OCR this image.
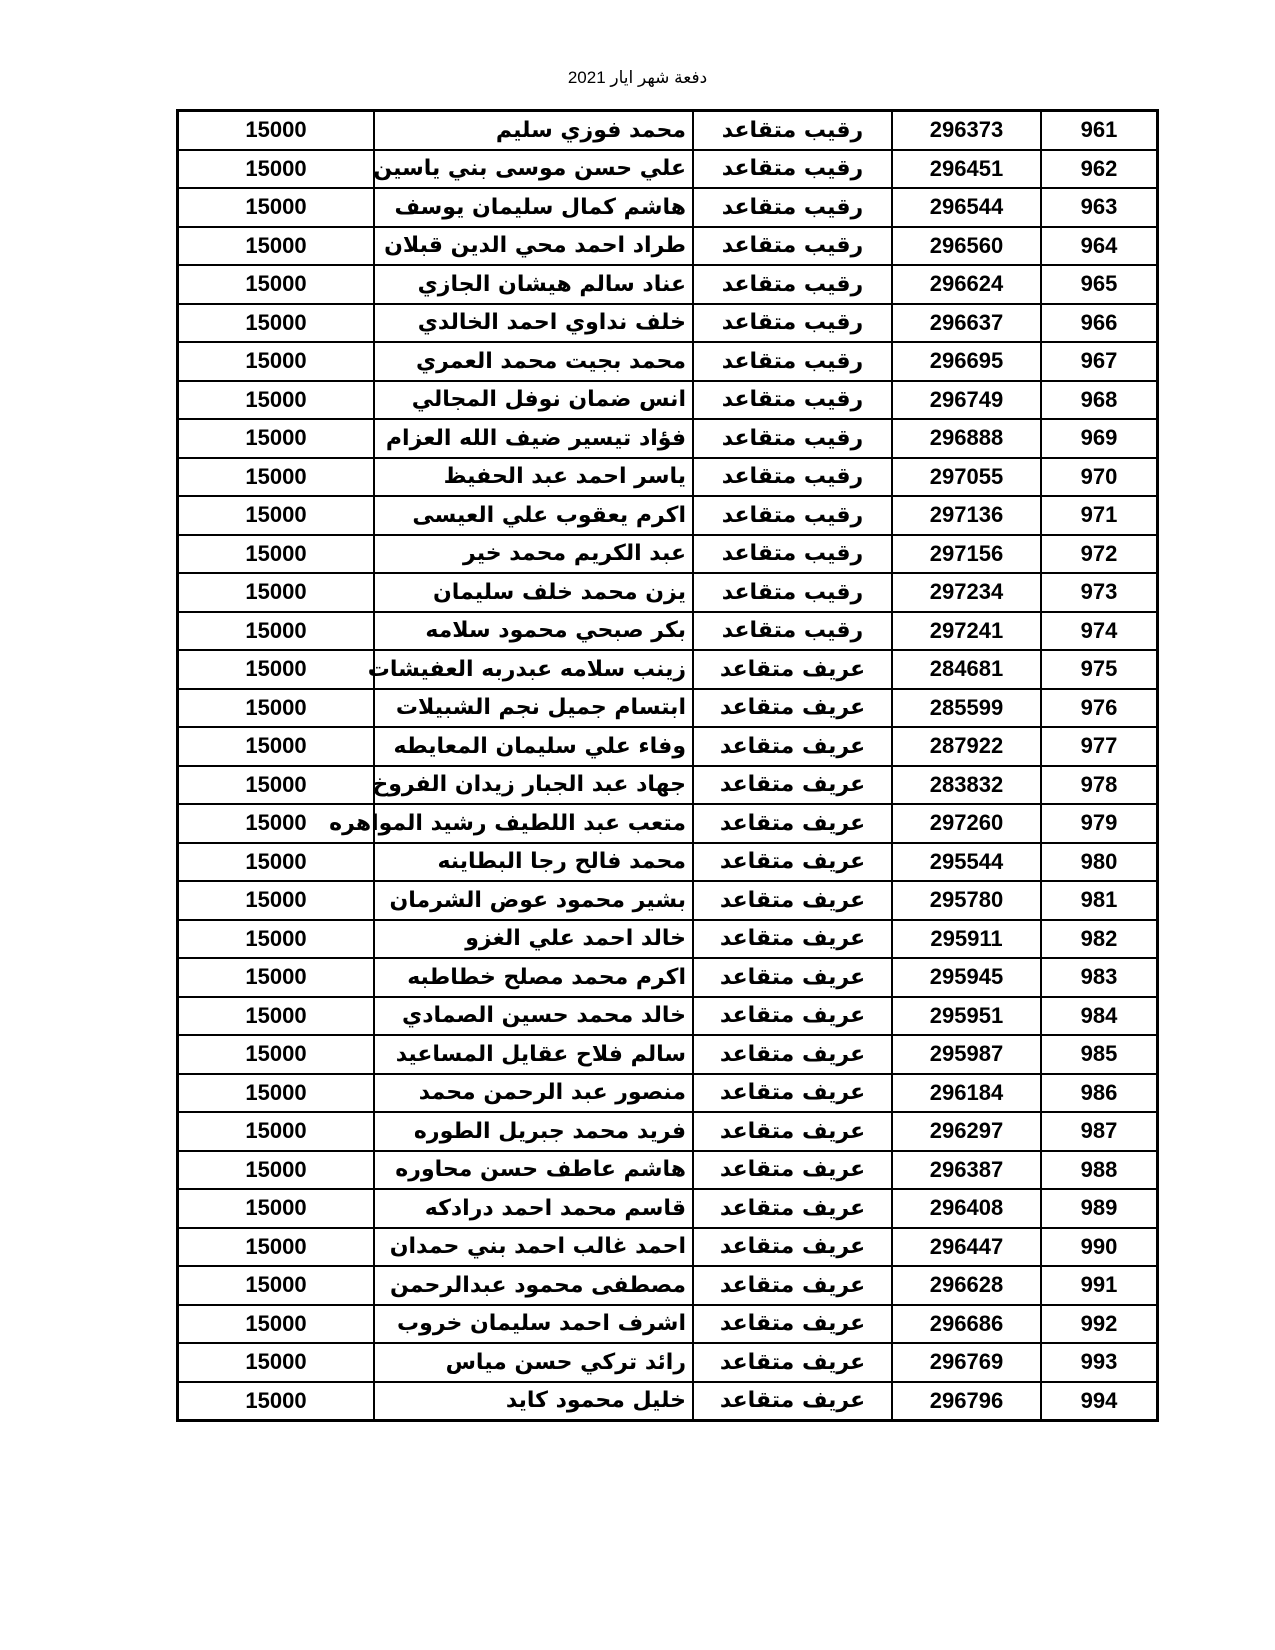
دفعة شهر ايار 2021
961	296373	رقيب متقاعد	محمد فوزي سليم	15000
962	296451	رقيب متقاعد	علي حسن موسى بني ياسين	15000
963	296544	رقيب متقاعد	هاشم كمال سليمان يوسف	15000
964	296560	رقيب متقاعد	طراد احمد محي الدين قبلان	15000
965	296624	رقيب متقاعد	عناد سالم هيشان الجازي	15000
966	296637	رقيب متقاعد	خلف نداوي احمد الخالدي	15000
967	296695	رقيب متقاعد	محمد بجيت محمد العمري	15000
968	296749	رقيب متقاعد	انس ضمان نوفل المجالي	15000
969	296888	رقيب متقاعد	فؤاد تيسير ضيف الله العزام	15000
970	297055	رقيب متقاعد	ياسر احمد عبد الحفيظ	15000
971	297136	رقيب متقاعد	اكرم يعقوب علي العيسى	15000
972	297156	رقيب متقاعد	عبد الكريم محمد خير	15000
973	297234	رقيب متقاعد	يزن محمد خلف سليمان	15000
974	297241	رقيب متقاعد	بكر صبحي محمود سلامه	15000
975	284681	عريف متقاعد	زينب سلامه عبدربه العفيشات	15000
976	285599	عريف متقاعد	ابتسام جميل نجم الشبيلات	15000
977	287922	عريف متقاعد	وفاء علي سليمان المعايطه	15000
978	283832	عريف متقاعد	جهاد عبد الجبار زيدان الفروخ	15000
979	297260	عريف متقاعد	متعب عبد اللطيف رشيد المواهره	15000
980	295544	عريف متقاعد	محمد فالح رجا البطاينه	15000
981	295780	عريف متقاعد	بشير محمود عوض الشرمان	15000
982	295911	عريف متقاعد	خالد احمد علي الغزو	15000
983	295945	عريف متقاعد	اكرم محمد مصلح خطاطبه	15000
984	295951	عريف متقاعد	خالد محمد حسين الصمادي	15000
985	295987	عريف متقاعد	سالم فلاح عقايل المساعيد	15000
986	296184	عريف متقاعد	منصور عبد الرحمن محمد	15000
987	296297	عريف متقاعد	فريد محمد جبريل الطوره	15000
988	296387	عريف متقاعد	هاشم عاطف حسن محاوره	15000
989	296408	عريف متقاعد	قاسم محمد احمد درادكه	15000
990	296447	عريف متقاعد	احمد غالب احمد بني حمدان	15000
991	296628	عريف متقاعد	مصطفى محمود عبدالرحمن	15000
992	296686	عريف متقاعد	اشرف احمد سليمان خروب	15000
993	296769	عريف متقاعد	رائد تركي حسن مياس	15000
994	296796	عريف متقاعد	خليل محمود كايد	15000
